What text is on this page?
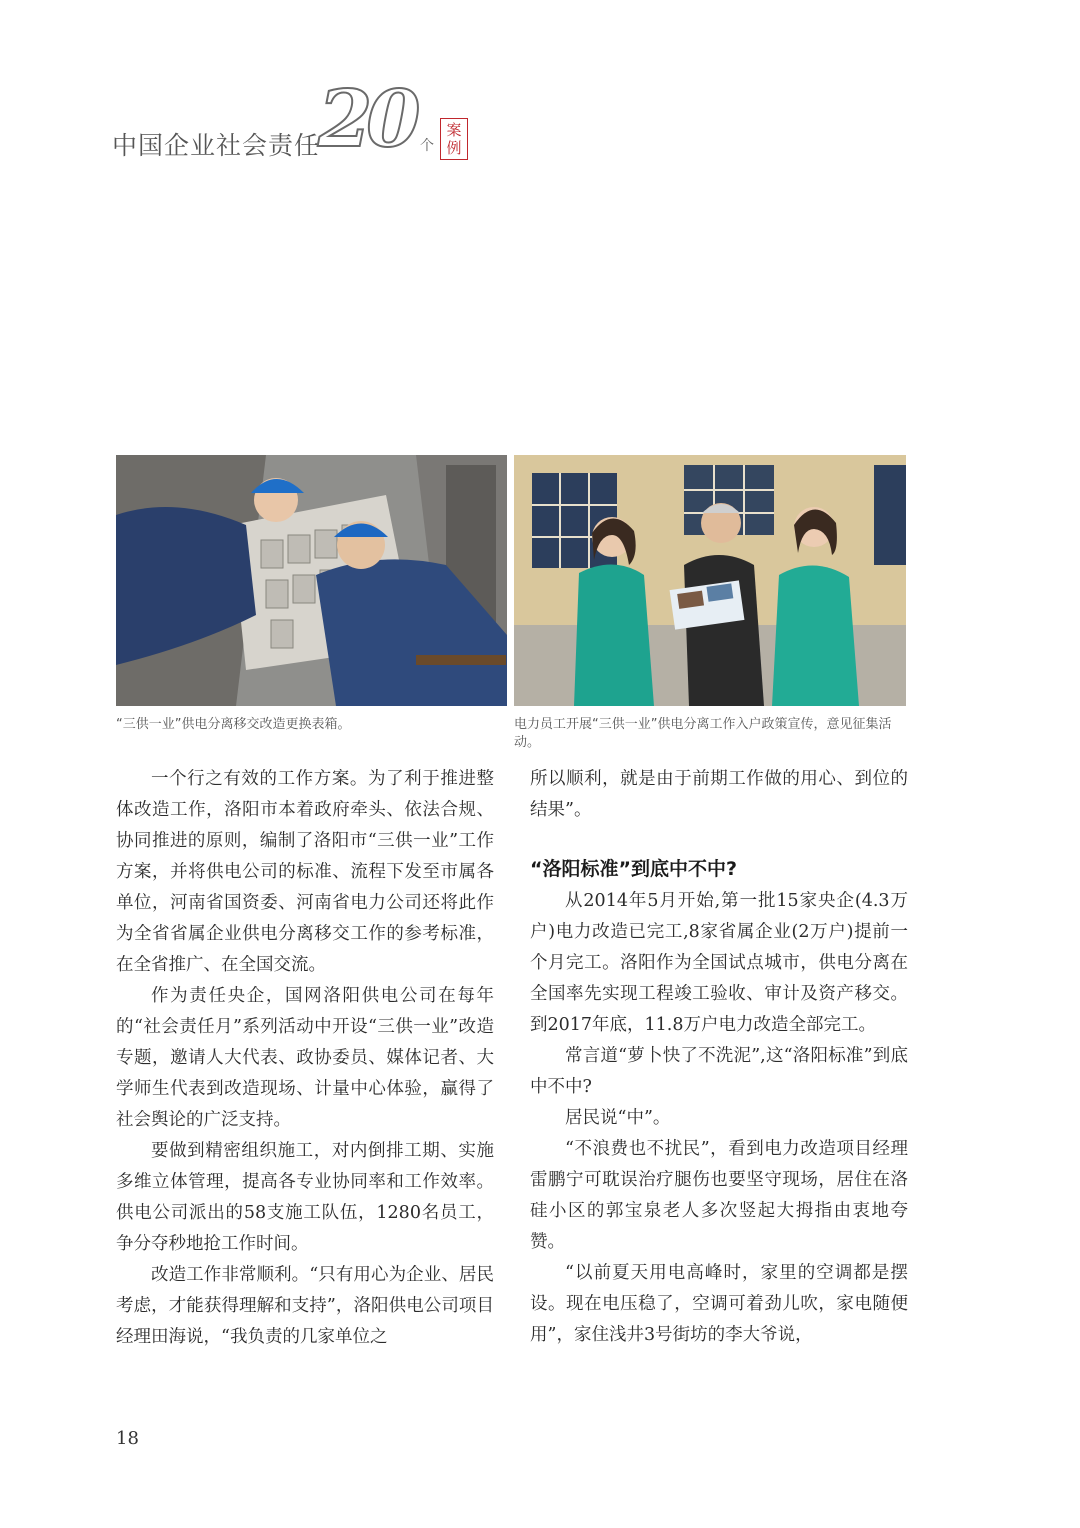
中国企业社会责任
20 个
案
例
“三供一业”供电分离移交改造更换表箱。	电力员工开展“三供一业”供电分离工作入户政策宣传，意见征集活动。

一个行之有效的工作方案。为了利于推进整体改造工作，洛阳市本着政府牵头、依法合规、协同推进的原则，编制了洛阳市“三供一业”工作方案，并将供电公司的标准、流程下发至市属各单位，河南省国资委、河南省电力公司还将此作为全省省属企业供电分离移交工作的参考标准，在全省推广、在全国交流。

作为责任央企，国网洛阳供电公司在每年的“社会责任月”系列活动中开设“三供一业”改造专题，邀请人大代表、政协委员、媒体记者、大学师生代表到改造现场、计量中心体验，赢得了社会舆论的广泛支持。

要做到精密组织施工，对内倒排工期、实施多维立体管理，提高各专业协同率和工作效率。供电公司派出的58支施工队伍，1280名员工，争分夺秒地抢工作时间。

改造工作非常顺利。“只有用心为企业、居民考虑，才能获得理解和支持”，洛阳供电公司项目经理田海说，“我负责的几家单位之

所以顺利，就是由于前期工作做的用心、到位的结果”。

“洛阳标准”到底中不中?

从2014年5月开始,第一批15家央企(4.3万户)电力改造已完工,8家省属企业(2万户)提前一个月完工。洛阳作为全国试点城市，供电分离在全国率先实现工程竣工验收、审计及资产移交。到2017年底，11.8万户电力改造全部完工。

常言道“萝卜快了不洗泥”,这“洛阳标准”到底中不中?

居民说“中”。

“不浪费也不扰民”，看到电力改造项目经理雷鹏宁可耽误治疗腿伤也要坚守现场，居住在洛硅小区的郭宝泉老人多次竖起大拇指由衷地夸赞。

“以前夏天用电高峰时，家里的空调都是摆设。现在电压稳了，空调可着劲儿吹，家电随便用”，家住浅井3号街坊的李大爷说，

18
